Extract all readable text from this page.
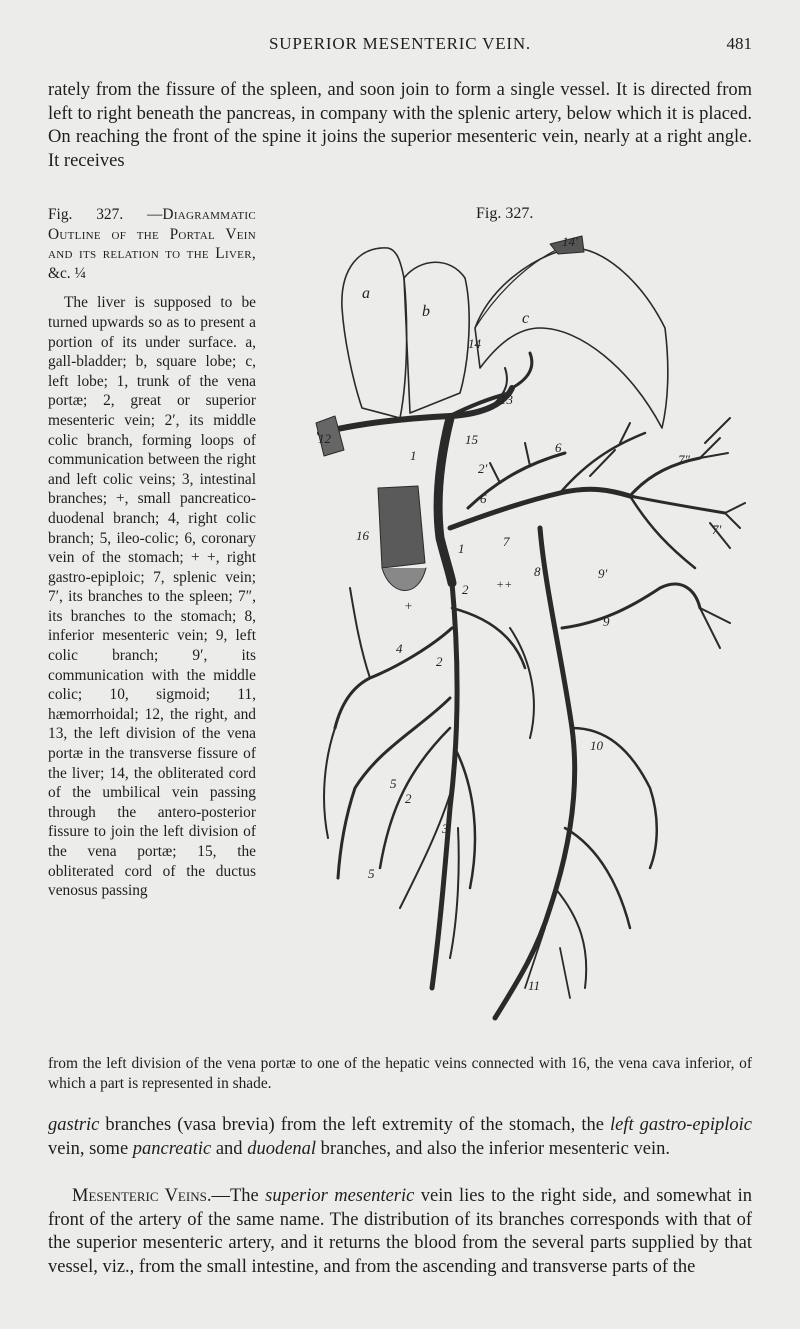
SUPERIOR MESENTERIC VEIN.	481

rately from the fissure of the spleen, and soon join to form a single vessel. It is directed from left to right beneath the pancreas, in company with the splenic artery, below which it is placed. On reaching the front of the spine it joins the superior mesenteric vein, nearly at a right angle. It receives

Fig. 327. —Diagrammatic Outline of the Portal Vein and its relation to the Liver, &c. ¼

The liver is supposed to be turned upwards so as to present a portion of its under surface. a, gall-bladder; b, square lobe; c, left lobe; 1, trunk of the vena portæ; 2, great or superior mesenteric vein; 2′, its middle colic branch, forming loops of communication between the right and left colic veins; 3, intestinal branches; +, small pancreatico-duodenal branch; 4, right colic branch; 5, ileo-colic; 6, coronary vein of the stomach; + +, right gastro-epiploic; 7, splenic vein; 7′, its branches to the spleen; 7″, its branches to the stomach; 8, inferior mesenteric vein; 9, left colic branch; 9′, its communication with the middle colic; 10, sigmoid; 11, hæmorrhoidal; 12, the right, and 13, the left division of the vena portæ in the transverse fissure of the liver; 14, the obliterated cord of the umbilical vein passing through the antero-posterior fissure to join the left division of the vena portæ; 15, the obliterated cord of the ductus venosus passing

Fig. 327.
a
b	c
1
1
2
2
2
2′
3
4
5
5
6
6
7
7′
7″
8
9
9′
10
11
12
13
14
14′
15
16
+
++
from the left division of the vena portæ to one of the hepatic veins connected with 16, the vena cava inferior, of which a part is represented in shade.

gastric branches (vasa brevia) from the left extremity of the stomach, the left gastro-epiploic vein, some pancreatic and duodenal branches, and also the inferior mesenteric vein.

Mesenteric Veins.—The superior mesenteric vein lies to the right side, and somewhat in front of the artery of the same name. The distribution of its branches corresponds with that of the superior mesenteric artery, and it returns the blood from the several parts supplied by that vessel, viz., from the small intestine, and from the ascending and transverse parts of the
